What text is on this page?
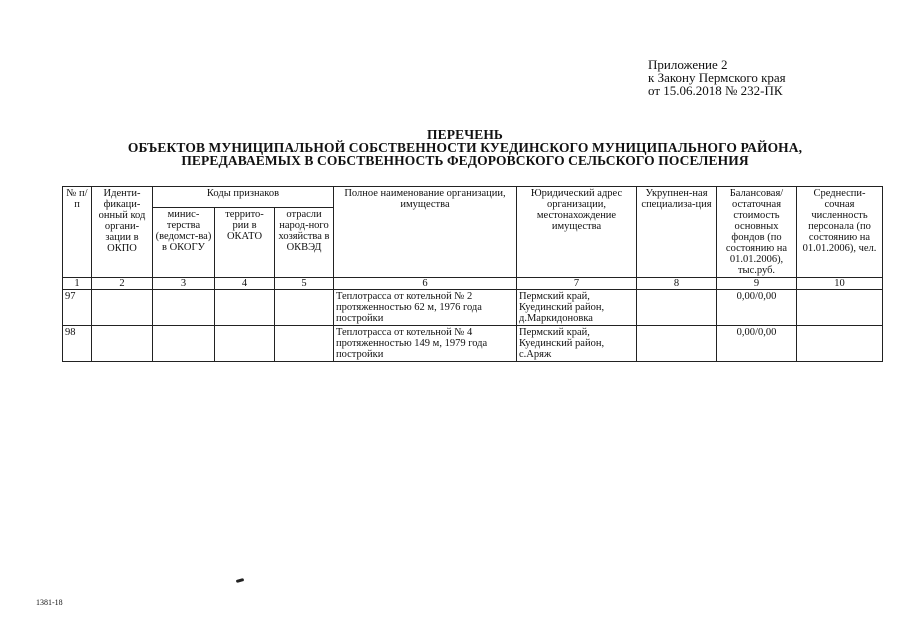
Приложение 2
к Закону Пермского края
от 15.06.2018 № 232-ПК
ПЕРЕЧЕНЬ
ОБЪЕКТОВ МУНИЦИПАЛЬНОЙ СОБСТВЕННОСТИ КУЕДИНСКОГО МУНИЦИПАЛЬНОГО РАЙОНА,
ПЕРЕДАВАЕМЫХ В СОБСТВЕННОСТЬ ФЕДОРОВСКОГО СЕЛЬСКОГО ПОСЕЛЕНИЯ
№ п/п	Иденти-фикаци-онный код органи-зации в ОКПО	Коды признаков			Полное наименование организации, имущества	Юридический адрес организации, местонахождение имущества	Укрупнен-ная специализа-ция	Балансовая/ остаточная стоимость основных фондов (по состоянию на 01.01.2006), тыс.руб.	Среднеспи-сочная численность персонала (по состоянию на 01.01.2006), чел.
		минис-терства (ведомст-ва) в ОКОГУ	террито-рии в ОКАТО	отрасли народ-ного хозяйства в ОКВЭД					
1	2	3	4	5	6	7	8	9	10
97					Теплотрасса от котельной № 2 протяженностью 62 м, 1976 года постройки	Пермский край, Куединский район, д.Маркидоновка		0,00/0,00	
98					Теплотрасса от котельной № 4 протяженностью 149 м, 1979 года постройки	Пермский край, Куединский район, с.Аряж		0,00/0,00	
1381-18
